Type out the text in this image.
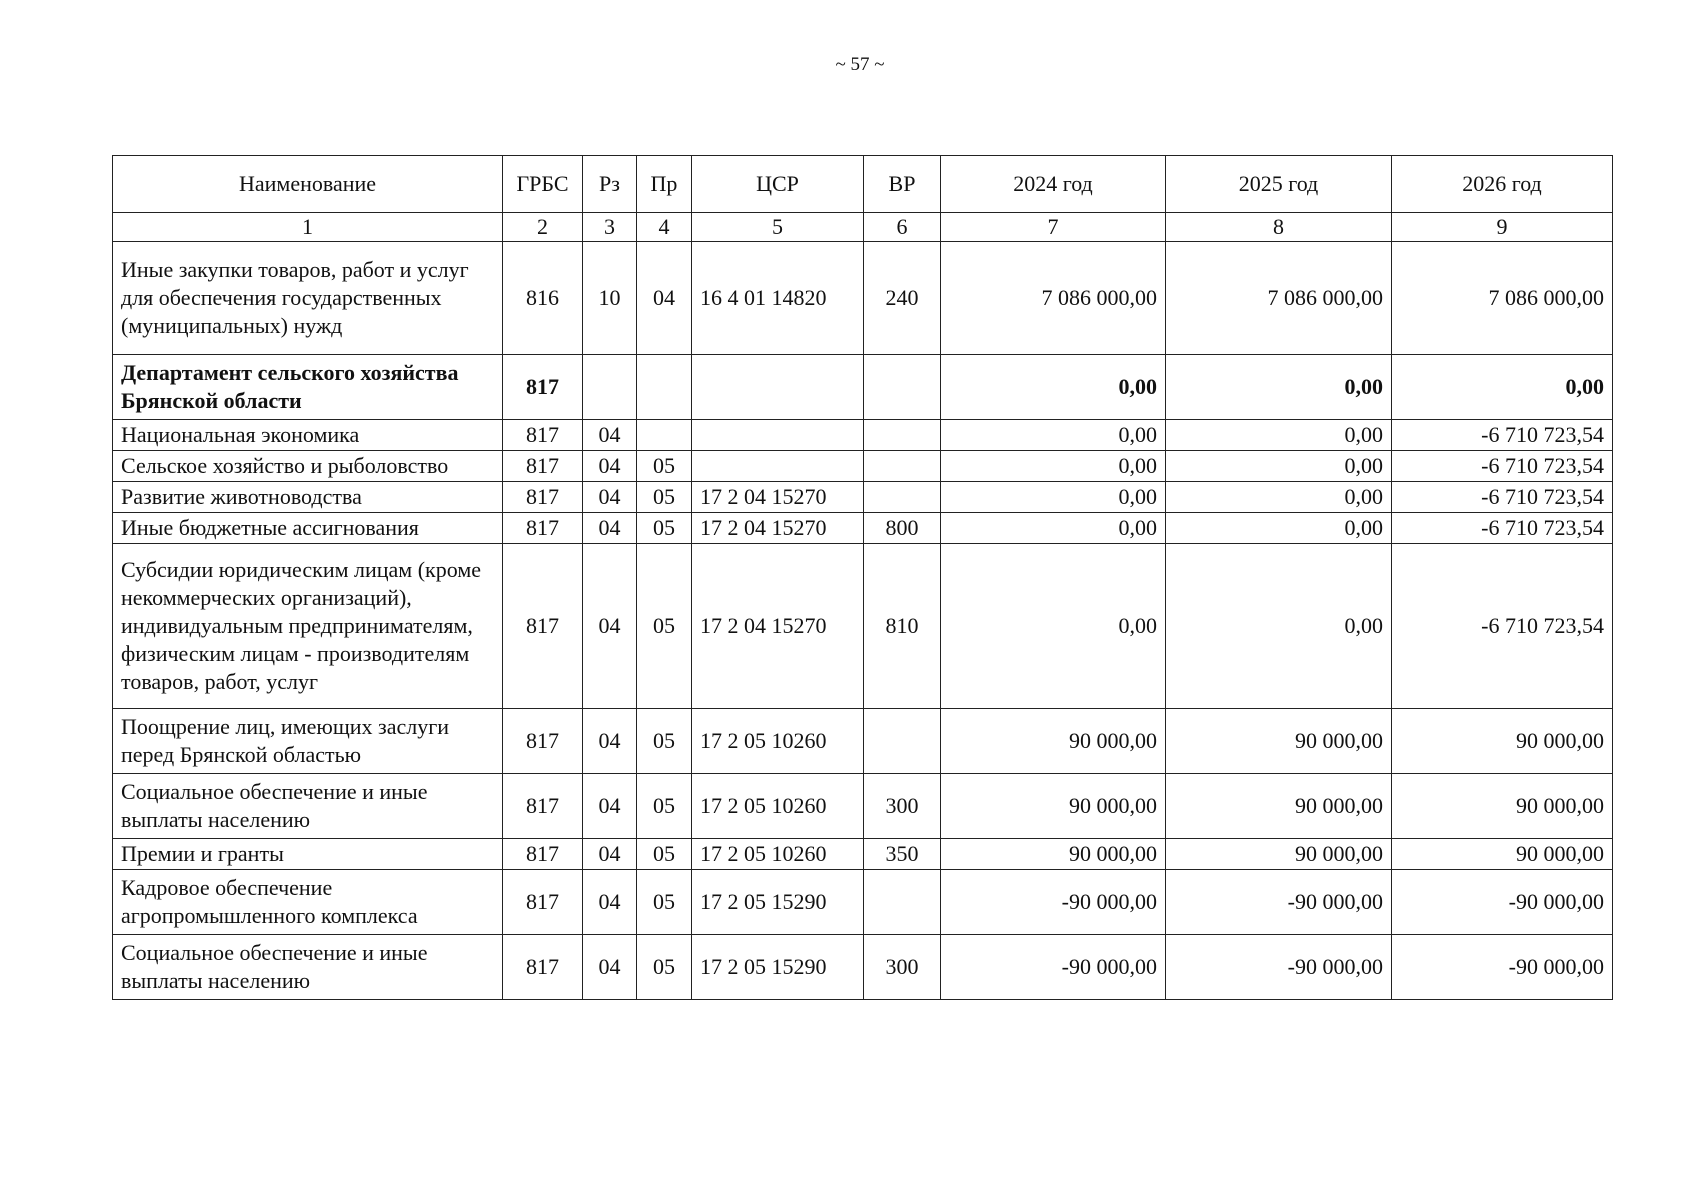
~ 57 ~
Наименование	ГРБС	Рз	Пр	ЦСР	ВР	2024 год	2025 год	2026 год
1	2	3	4	5	6	7	8	9
Иные закупки товаров, работ и услуг для обеспечения государственных (муниципальных) нужд	816	10	04	16 4 01 14820	240	7 086 000,00	7 086 000,00	7 086 000,00
Департамент сельского хозяйства Брянской области	817					0,00	0,00	0,00
Национальная экономика	817	04				0,00	0,00	-6 710 723,54
Сельское хозяйство и рыболовство	817	04	05			0,00	0,00	-6 710 723,54
Развитие животноводства	817	04	05	17 2 04 15270		0,00	0,00	-6 710 723,54
Иные бюджетные ассигнования	817	04	05	17 2 04 15270	800	0,00	0,00	-6 710 723,54
Субсидии юридическим лицам (кроме некоммерческих организаций), индивидуальным предпринимателям, физическим лицам - производителям товаров, работ, услуг	817	04	05	17 2 04 15270	810	0,00	0,00	-6 710 723,54
Поощрение лиц, имеющих заслуги перед Брянской областью	817	04	05	17 2 05 10260		90 000,00	90 000,00	90 000,00
Социальное обеспечение и иные выплаты населению	817	04	05	17 2 05 10260	300	90 000,00	90 000,00	90 000,00
Премии и гранты	817	04	05	17 2 05 10260	350	90 000,00	90 000,00	90 000,00
Кадровое обеспечение агропромышленного комплекса	817	04	05	17 2 05 15290		-90 000,00	-90 000,00	-90 000,00
Социальное обеспечение и иные выплаты населению	817	04	05	17 2 05 15290	300	-90 000,00	-90 000,00	-90 000,00
